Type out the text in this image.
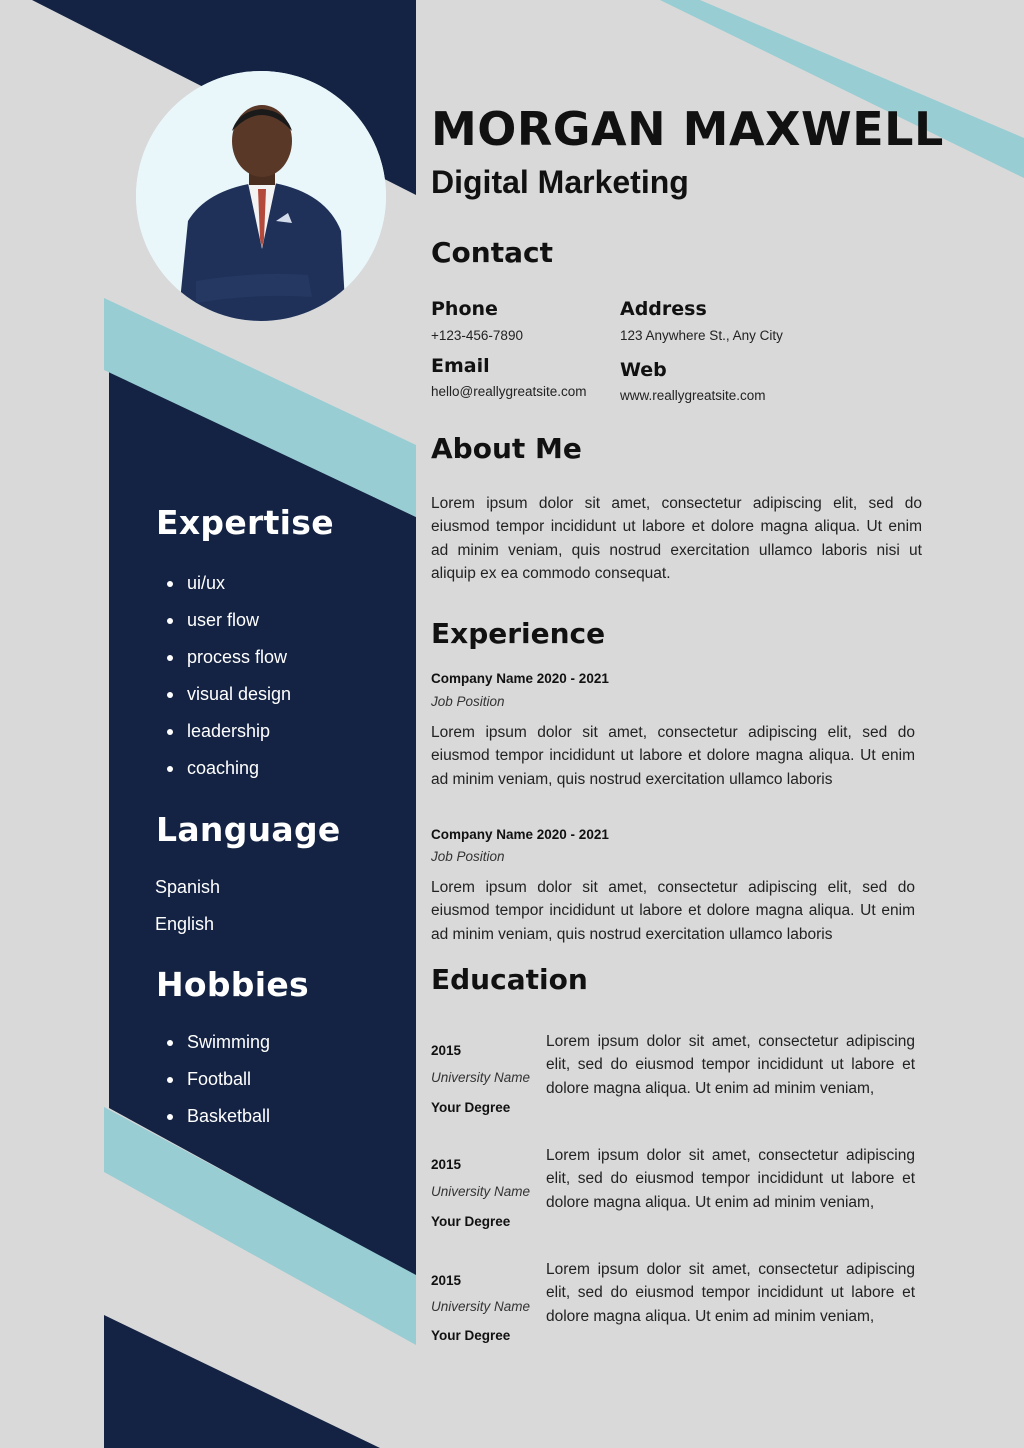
MORGAN MAXWELL
Digital Marketing
Contact
Phone
+123-456-7890
Address
123 Anywhere St., Any City
Email
hello@reallygreatsite.com
Web
www.reallygreatsite.com
About Me

Lorem ipsum dolor sit amet, consectetur adipiscing elit, sed do eiusmod tempor incididunt ut labore et dolore magna aliqua. Ut enim ad minim veniam, quis nostrud exercitation ullamco laboris nisi ut aliquip ex ea commodo consequat.

Experience
Company Name 2020 - 2021
Job Position

Lorem ipsum dolor sit amet, consectetur adipiscing elit, sed do eiusmod tempor incididunt ut labore et dolore magna aliqua. Ut enim ad minim veniam, quis nostrud exercitation ullamco laboris

Company Name 2020 - 2021
Job Position

Lorem ipsum dolor sit amet, consectetur adipiscing elit, sed do eiusmod tempor incididunt ut labore et dolore magna aliqua. Ut enim ad minim veniam, quis nostrud exercitation ullamco laboris

Education
2015
University Name
Your Degree

Lorem ipsum dolor sit amet, consectetur adipiscing elit, sed do eiusmod tempor incididunt ut labore et dolore magna aliqua. Ut enim ad minim veniam,

2015
University Name
Your Degree

Lorem ipsum dolor sit amet, consectetur adipiscing elit, sed do eiusmod tempor incididunt ut labore et dolore magna aliqua. Ut enim ad minim veniam,

2015
University Name
Your Degree

Lorem ipsum dolor sit amet, consectetur adipiscing elit, sed do eiusmod tempor incididunt ut labore et dolore magna aliqua. Ut enim ad minim veniam,

Expertise
ui/ux
user flow
process flow
visual design
leadership
coaching
Language
Spanish
English
Hobbies
Swimming
Football
Basketball
